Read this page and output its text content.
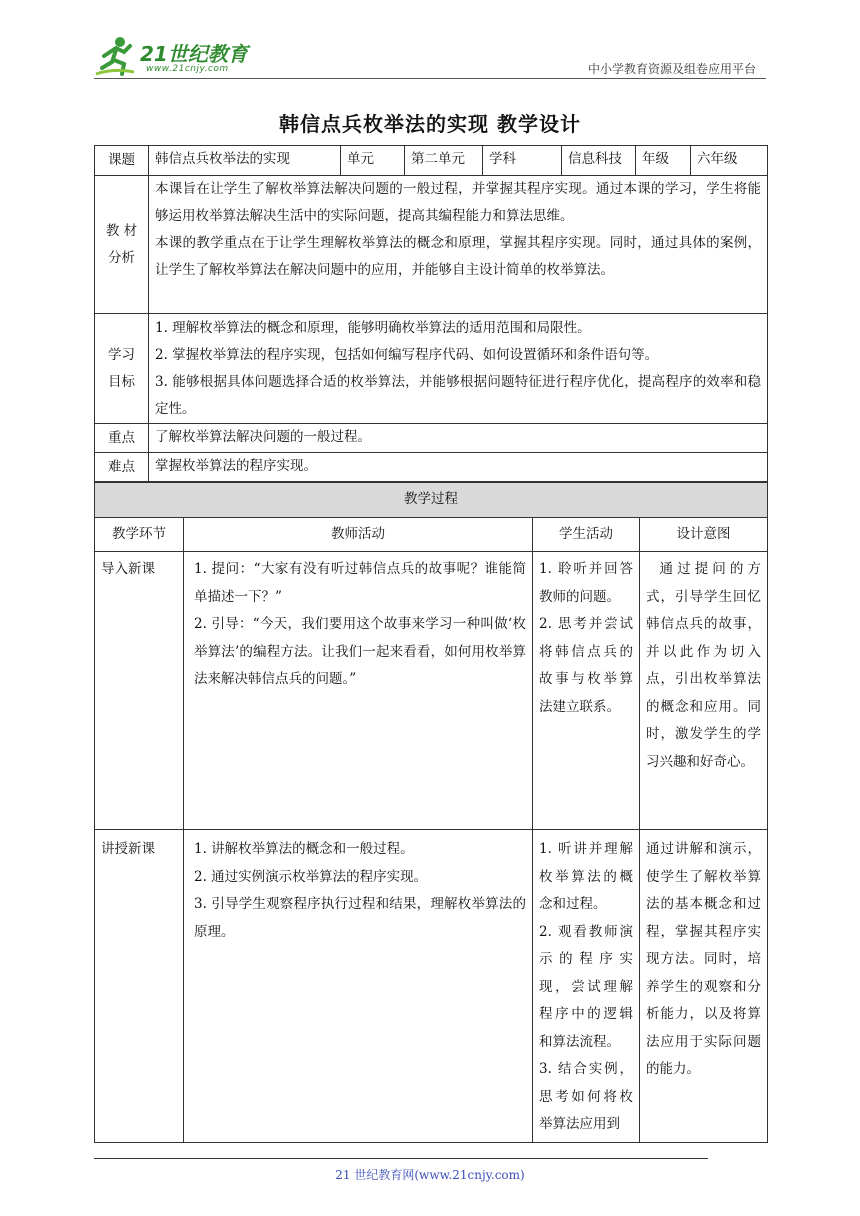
21世纪教育
www.21cnjy.com	中小学教育资源及组卷应用平台
韩信点兵枚举法的实现 教学设计
课题	韩信点兵枚举法的实现	单元	第二单元	学科	信息科技	年级	六年级

教 材
分析	本课旨在让学生了解枚举算法解决问题的一般过程，并掌握其程序实现。通过本课的学习，学生将能够运用枚举算法解决生活中的实际问题，提高其编程能力和算法思维。
本课的教学重点在于让学生理解枚举算法的概念和原理，掌握其程序实现。同时，通过具体的案例，让学生了解枚举算法在解决问题中的应用，并能够自主设计简单的枚举算法。						

学习
目标	1. 理解枚举算法的概念和原理，能够明确枚举算法的适用范围和局限性。
2. 掌握枚举算法的程序实现，包括如何编写程序代码、如何设置循环和条件语句等。
3. 能够根据具体问题选择合适的枚举算法，并能够根据问题特征进行程序优化，提高程序的效率和稳定性。						

重点	了解枚举算法解决问题的一般过程。						
难点	掌握枚举算法的程序实现。						
教学过程			
教学环节	教师活动	学生活动	设计意图
导入新课	1. 提问：“大家有没有听过韩信点兵的故事呢？谁能简单描述一下？”
2. 引导：“今天，我们要用这个故事来学习一种叫做‘枚举算法’的编程方法。让我们一起来看看，如何用枚举算法来解决韩信点兵的问题。”	1. 聆听并回答教师的问题。
2. 思考并尝试将韩信点兵的故事与枚举算法建立联系。	通过提问的方式，引导学生回忆韩信点兵的故事，并以此作为切入点，引出枚举算法的概念和应用。同时，激发学生的学习兴趣和好奇心。
讲授新课	1. 讲解枚举算法的概念和一般过程。
2. 通过实例演示枚举算法的程序实现。
3. 引导学生观察程序执行过程和结果，理解枚举算法的原理。	1. 听讲并理解枚举算法的概念和过程。
2. 观看教师演示的程序实现，尝试理解程序中的逻辑和算法流程。
3. 结合实例，思考如何将枚举算法应用到	通过讲解和演示，使学生了解枚举算法的基本概念和过程，掌握其程序实现方法。同时，培养学生的观察和分析能力，以及将算法应用于实际问题的能力。
21 世纪教育网(www.21cnjy.com)
